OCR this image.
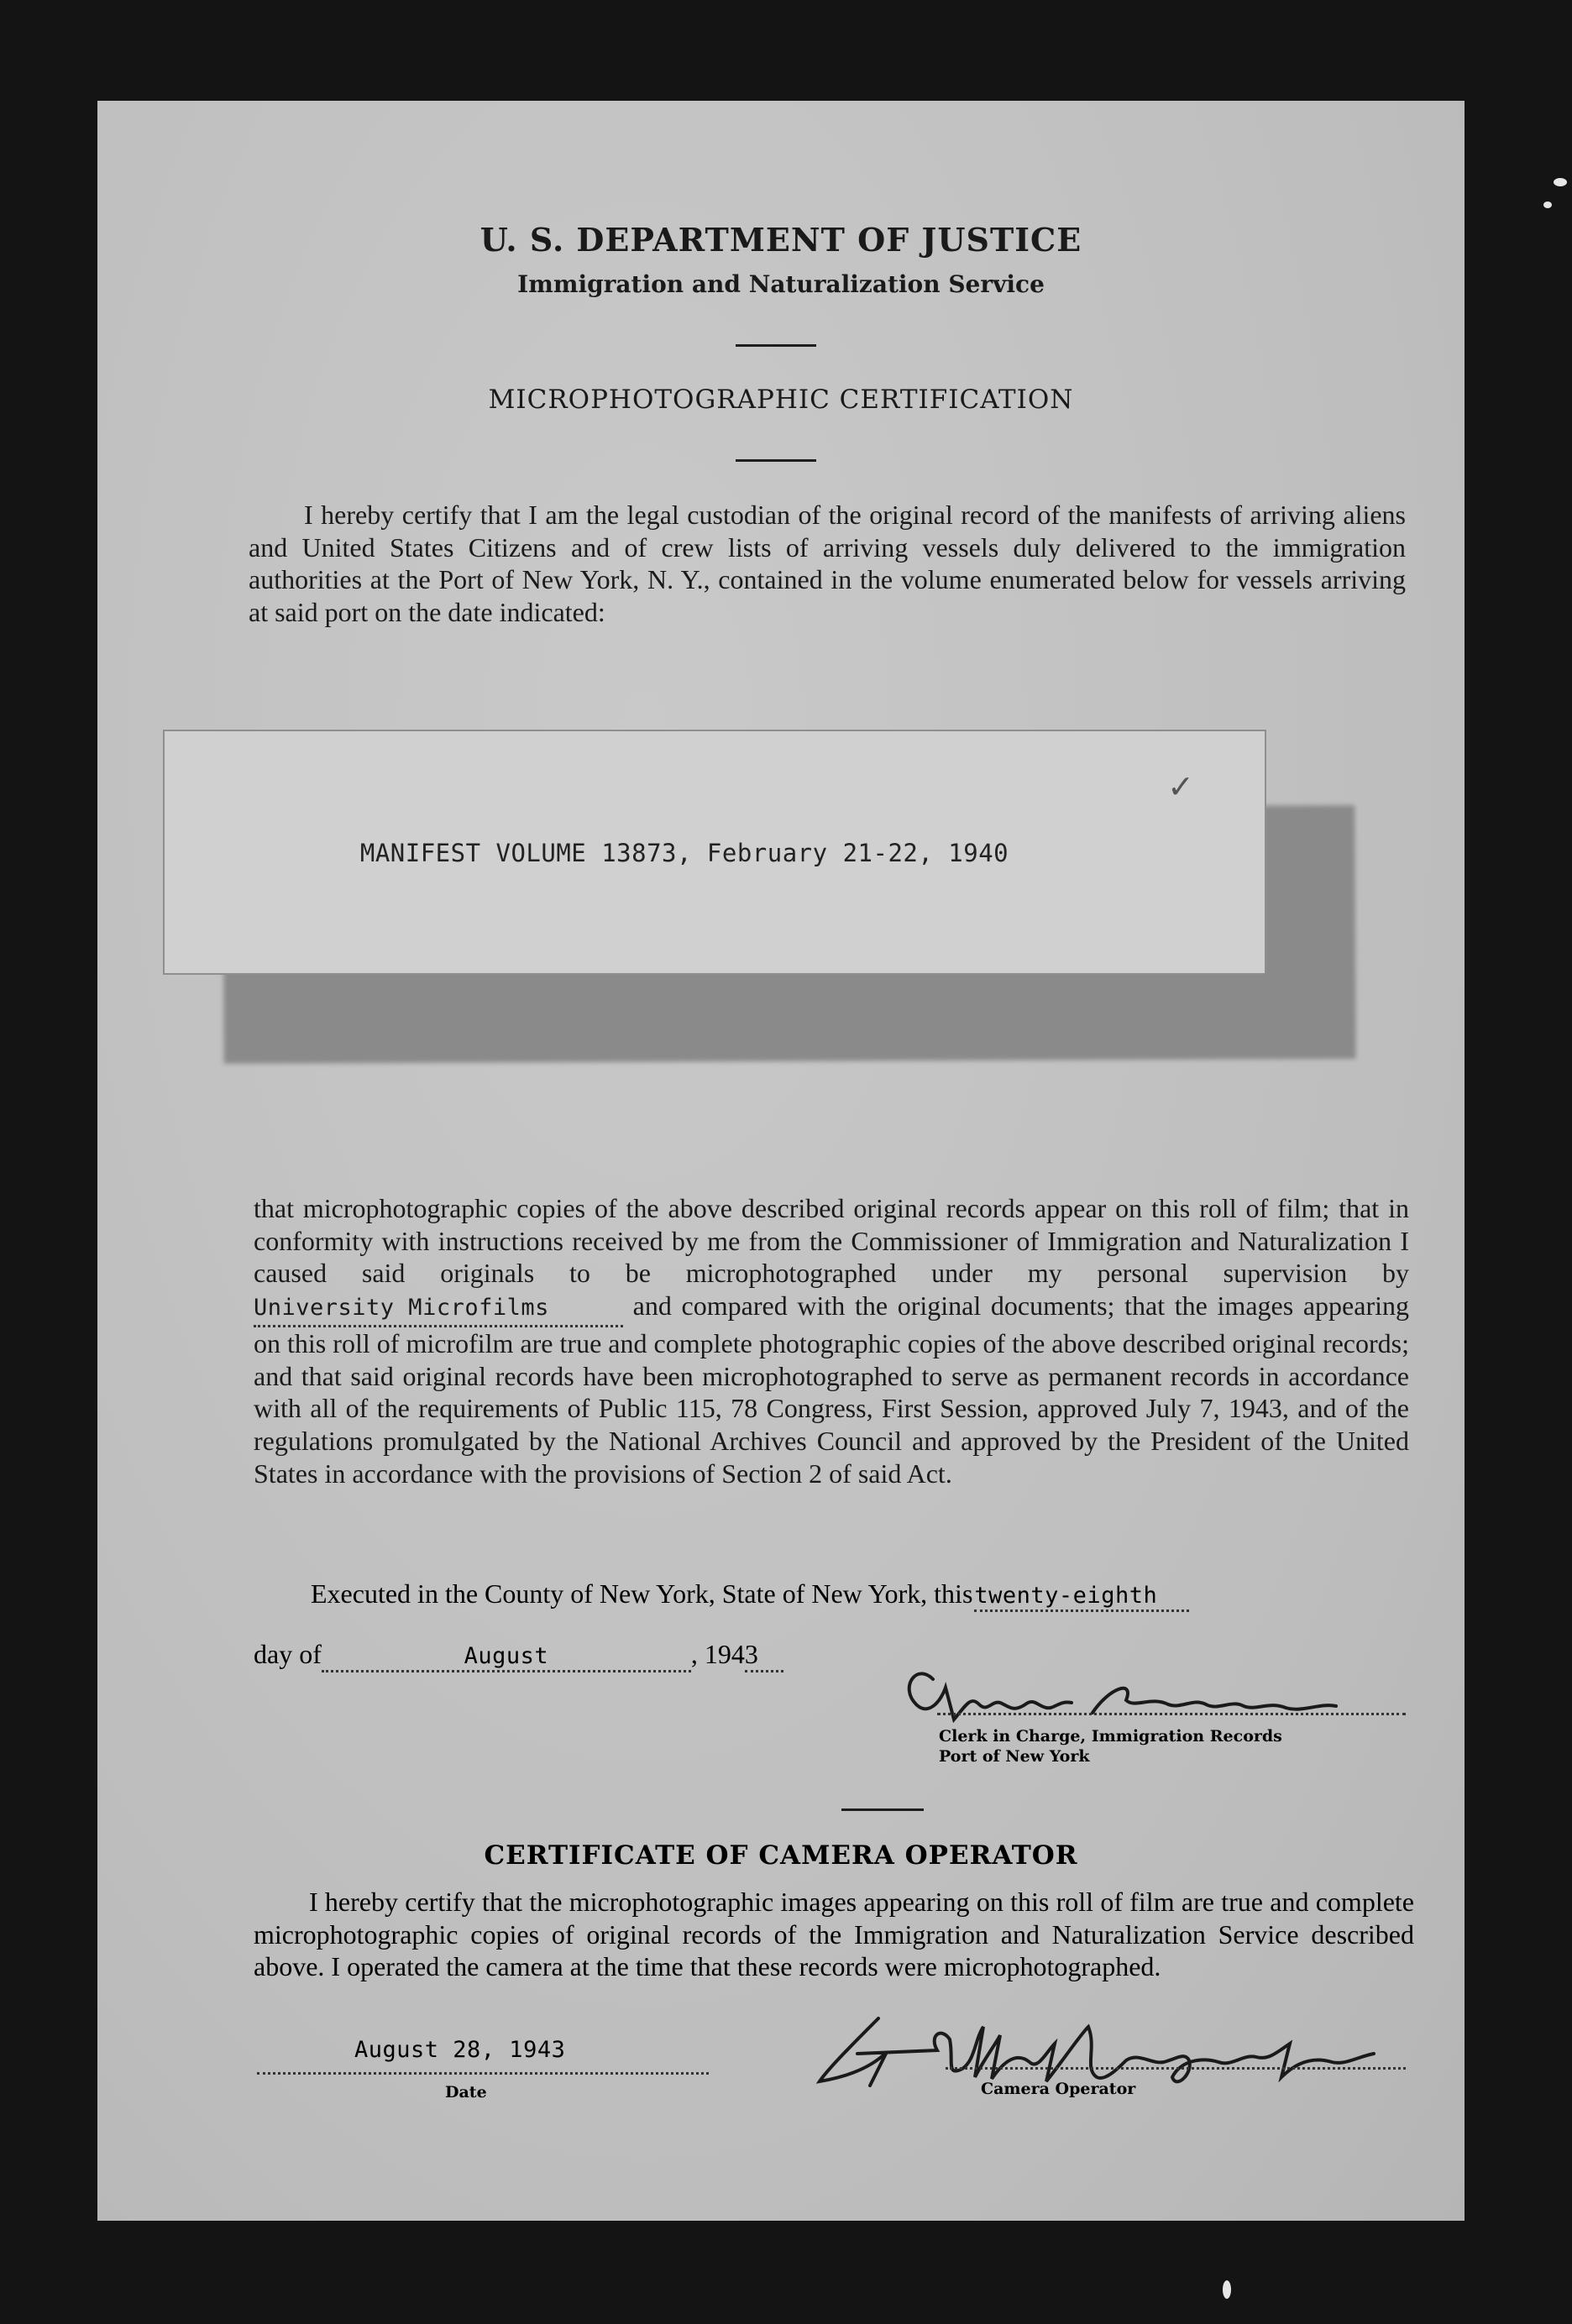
U. S. DEPARTMENT OF JUSTICE
Immigration and Naturalization Service
MICROPHOTOGRAPHIC CERTIFICATION
I hereby certify that I am the legal custodian of the original record of the manifests of arriving aliens and United States Citizens and of crew lists of arriving vessels duly delivered to the immigration authorities at the Port of New York, N. Y., contained in the volume enumerated below for vessels arriving at said port on the date indicated:
✓
MANIFEST VOLUME 13873, February 21-22, 1940
that microphotographic copies of the above described original records appear on this roll of film; that in conformity with instructions received by me from the Commissioner of Immigration and Naturalization I caused said originals to be microphotographed under my personal supervision by University Microfilms	and compared with the original documents; that the images appearing on this roll of microfilm are true and complete photographic copies of the above described original records; and that said original records have been microphotographed to serve as permanent records in accordance with all of the requirements of Public 115, 78 Congress, First Session, approved July 7, 1943, and of the regulations promulgated by the National Archives Council and approved by the President of the United States in accordance with the provisions of Section 2 of said Act.
Executed in the County of New York, State of New York, thistwenty-eighth
day of	August	, 1943
Clerk in Charge, Immigration Records
Port of New York
CERTIFICATE OF CAMERA OPERATOR
I hereby certify that the microphotographic images appearing on this roll of film are true and complete microphotographic copies of original records of the Immigration and Naturalization Service described above. I operated the camera at the time that these records were microphotographed.
August 28, 1943
Date	Camera Operator
